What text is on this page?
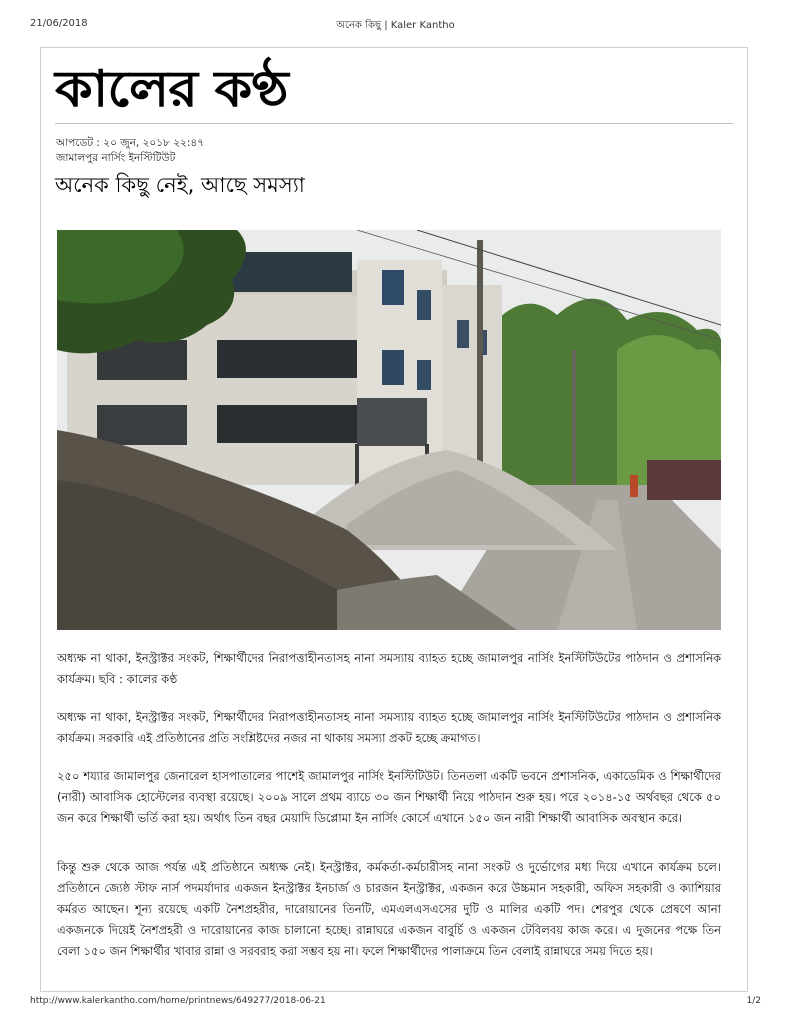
21/06/2018	অনেক কিছু | Kaler Kantho
কালের কণ্ঠ
আপডেট : ২০ জুন, ২০১৮ ২২:৪৭
জামালপুর নার্সিং ইনস্টিটিউট
অনেক কিছু নেই, আছে সমস্যা
অধ্যক্ষ না থাকা, ইনস্ট্রাক্টর সংকট, শিক্ষার্থীদের নিরাপত্তাহীনতাসহ নানা সমস্যায় ব্যাহত হচ্ছে জামালপুর নার্সিং ইনস্টিটিউটের পাঠদান ও প্রশাসনিক কার্যক্রম। ছবি : কালের কণ্ঠ
অধ্যক্ষ না থাকা, ইনস্ট্রাক্টর সংকট, শিক্ষার্থীদের নিরাপত্তাহীনতাসহ নানা সমস্যায় ব্যাহত হচ্ছে জামালপুর নার্সিং ইনস্টিটিউটের পাঠদান ও প্রশাসনিক কার্যক্রম। সরকারি এই প্রতিষ্ঠানের প্রতি সংশ্লিষ্টদের নজর না থাকায় সমস্যা প্রকট হচ্ছে ক্রমাগত।
২৫০ শয্যার জামালপুর জেনারেল হাসপাতালের পাশেই জামালপুর নার্সিং ইনস্টিটিউট। তিনতলা একটি ভবনে প্রশাসনিক, একাডেমিক ও শিক্ষার্থীদের (নারী) আবাসিক হোস্টেলের ব্যবস্থা রয়েছে। ২০০৯ সালে প্রথম ব্যাচে ৩০ জন শিক্ষার্থী নিয়ে পাঠদান শুরু হয়। পরে ২০১৪-১৫ অর্থবছর থেকে ৫০ জন করে শিক্ষার্থী ভর্তি করা হয়। অর্থাৎ তিন বছর মেয়াদি ডিপ্লোমা ইন নার্সিং কোর্সে এখানে ১৫০ জন নারী শিক্ষার্থী আবাসিক অবস্থান করে।
কিন্তু শুরু থেকে আজ পর্যন্ত এই প্রতিষ্ঠানে অধ্যক্ষ নেই। ইনস্ট্রাক্টর, কর্মকর্তা-কর্মচারীসহ নানা সংকট ও দুর্ভোগের মধ্য দিয়ে এখানে কার্যক্রম চলে। প্রতিষ্ঠানে জ্যেষ্ঠ স্টাফ নার্স পদমর্যাদার একজন ইনস্ট্রাক্টর ইনচার্জ ও চারজন ইনস্ট্রাক্টর, একজন করে উচ্চমান সহকারী, অফিস সহকারী ও ক্যাশিয়ার কর্মরত আছেন। শূন্য রয়েছে একটি নৈশপ্রহরীর, দারোয়ানের তিনটি, এমএলএসএসের দুটি ও মালির একটি পদ। শেরপুর থেকে প্রেষণে আনা একজনকে দিয়েই নৈশপ্রহরী ও দারোয়ানের কাজ চালানো হচ্ছে। রান্নাঘরে একজন বাবুর্চি ও একজন টেবিলবয় কাজ করে। এ দুজনের পক্ষে তিন বেলা ১৫০ জন শিক্ষার্থীর খাবার রান্না ও সরবরাহ করা সম্ভব হয় না। ফলে শিক্ষার্থীদের পালাক্রমে তিন বেলাই রান্নাঘরে সময় দিতে হয়।
http://www.kalerkantho.com/home/printnews/649277/2018-06-21	1/2
